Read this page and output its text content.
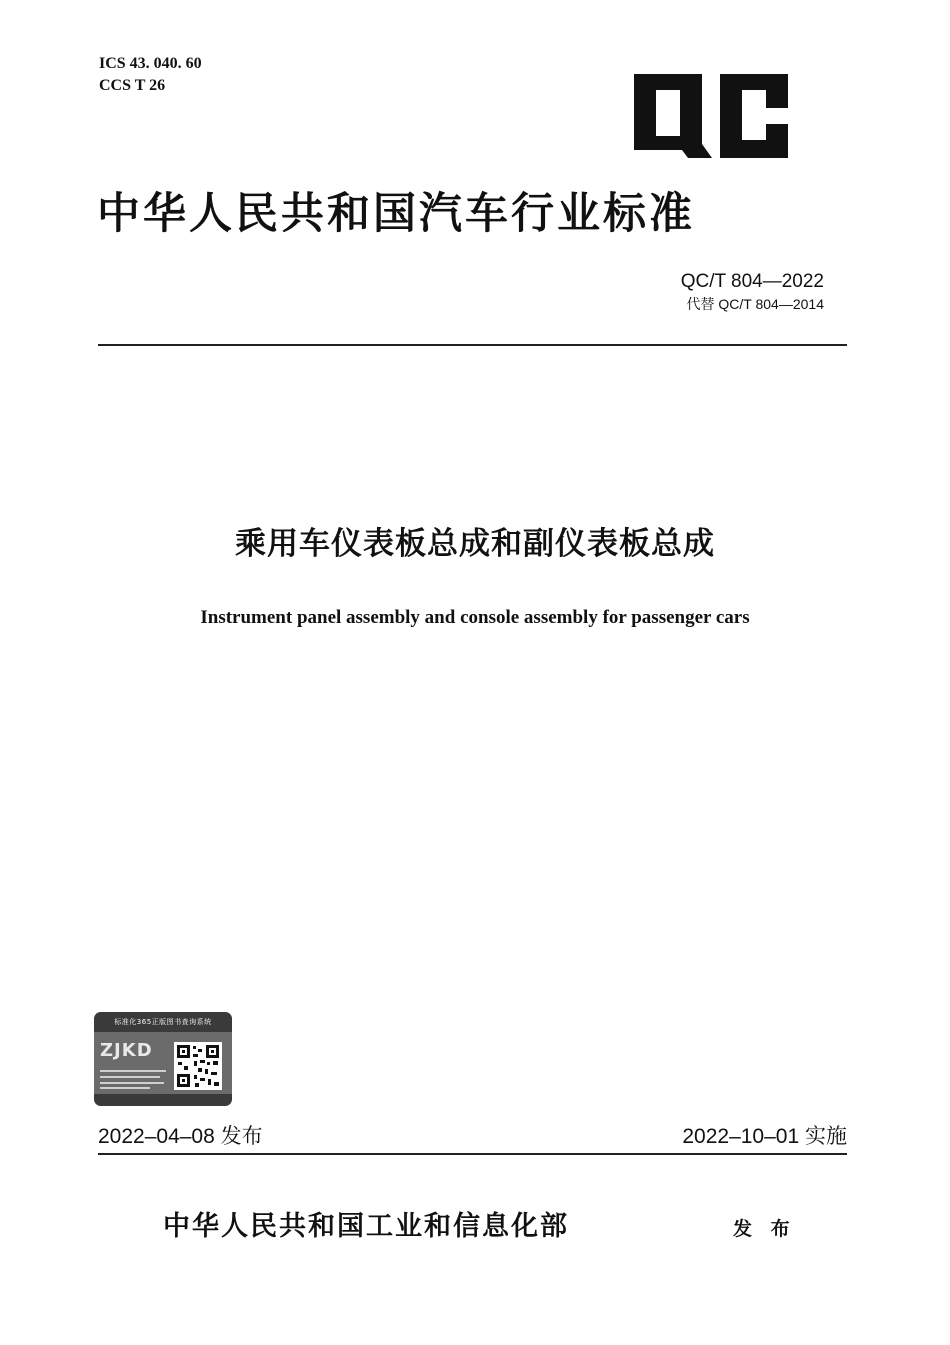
ICS 43. 040. 60
CCS T 26
中华人民共和国汽车行业标准
QC/T 804—2022
代替 QC/T 804—2014
乘用车仪表板总成和副仪表板总成
Instrument panel assembly and console assembly for passenger cars
标准化365正版图书查询系统
ZJKD
2022–04–08 发布	2022–10–01 实施
中华人民共和国工业和信息化部	发 布
